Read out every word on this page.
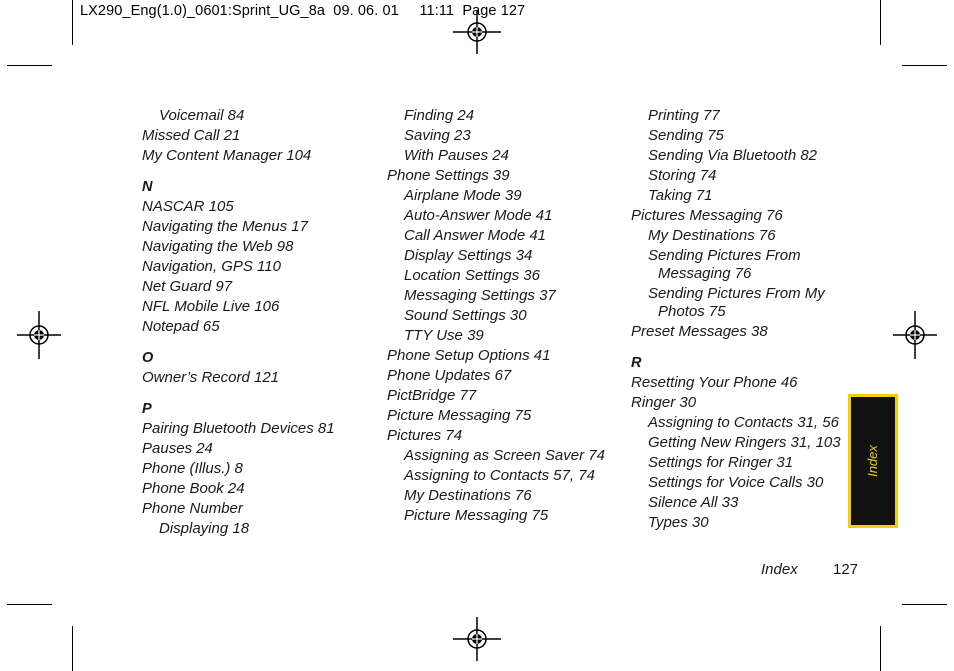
LX290_Eng(1.0)_0601:Sprint_UG_8a  09. 06. 01     11:11  Page 127
Voicemail 84
Missed Call 21
My Content Manager 104
N
NASCAR 105
Navigating the Menus 17
Navigating the Web 98
Navigation, GPS 110
Net Guard 97
NFL Mobile Live 106
Notepad 65
O
Owner’s Record 121
P
Pairing Bluetooth Devices 81
Pauses 24
Phone (Illus.) 8
Phone Book 24
Phone Number
Displaying 18
Finding 24
Saving 23
With Pauses 24
Phone Settings 39
Airplane Mode 39
Auto-Answer Mode 41
Call Answer Mode 41
Display Settings 34
Location Settings 36
Messaging Settings 37
Sound Settings 30
TTY Use 39
Phone Setup Options 41
Phone Updates 67
PictBridge 77
Picture Messaging 75
Pictures 74
Assigning as Screen Saver 74
Assigning to Contacts 57, 74
My Destinations 76
Picture Messaging 75
Printing 77
Sending 75
Sending Via Bluetooth 82
Storing 74
Taking 71
Pictures Messaging 76
My Destinations 76
Sending Pictures From
Messaging 76
Sending Pictures From My
Photos 75
Preset Messages 38
R
Resetting Your Phone 46
Ringer 30
Assigning to Contacts 31, 56
Getting New Ringers 31, 103
Settings for Ringer 31
Settings for Voice Calls 30
Silence All 33
Types 30
Index
Index 127
